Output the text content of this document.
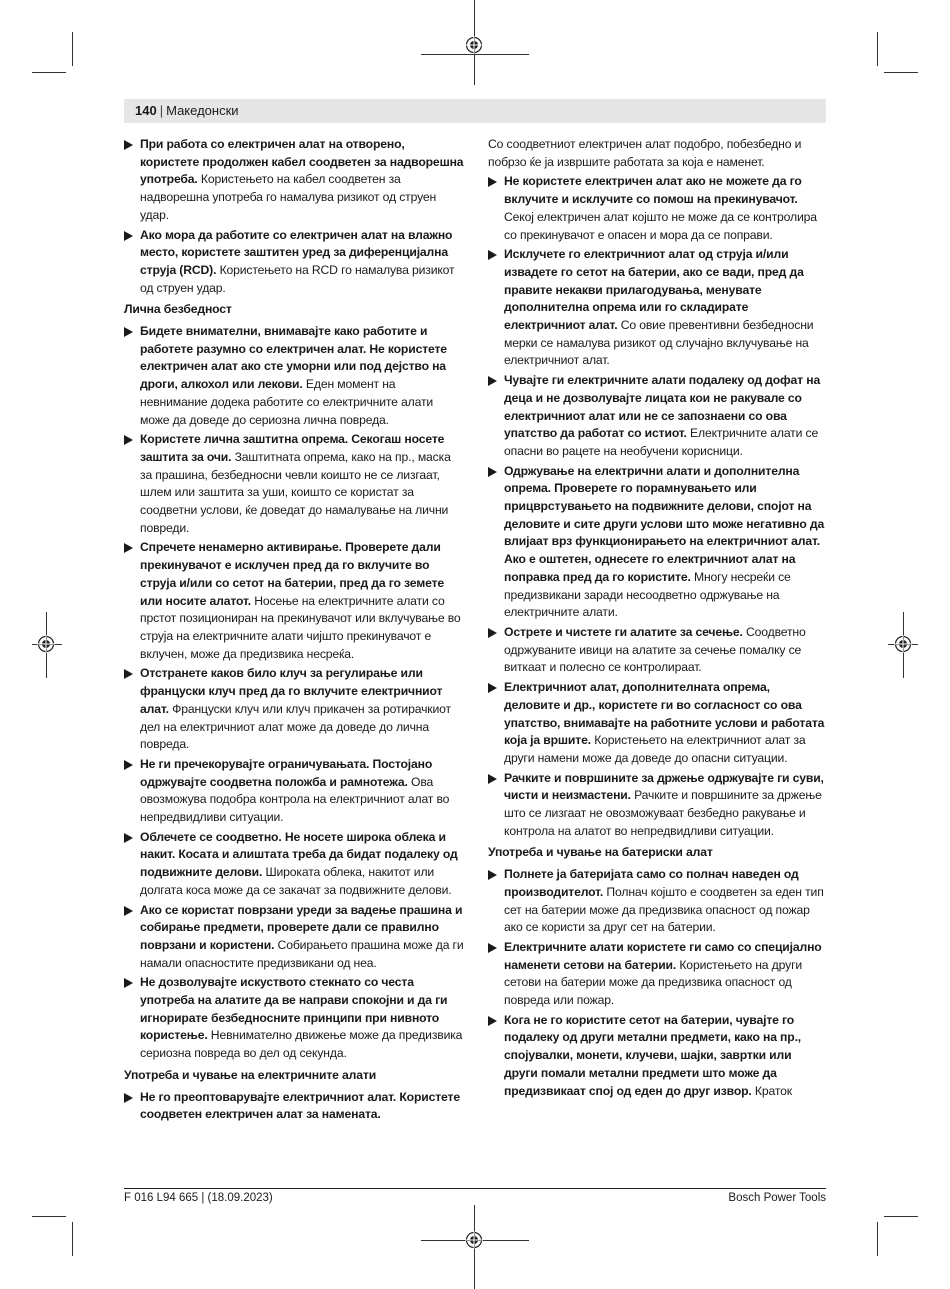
140 | Македонски
При работа со електричен алат на отворено, користете продолжен кабел соодветен за надворешна употреба. Користењето на кабел соодветен за надворешна употреба го намалува ризикот од струен удар.
Ако мора да работите со електричен алат на влажно место, користете заштитен уред за диференцијална струја (RCD). Користењето на RCD го намалува ризикот од струен удар.
Лична безбедност
Бидете внимателни, внимавајте како работите и работете разумно со електричен алат. Не користете електричен алат ако сте уморни или под дејство на дроги, алкохол или лекови. Еден момент на невнимание додека работите со електричните алати може да доведе до сериозна лична повреда.
Користете лична заштитна опрема. Секогаш носете заштита за очи. Заштитната опрема, како на пр., маска за прашина, безбедносни чевли коишто не се лизгаат, шлем или заштита за уши, коишто се користат за соодветни услови, ќе доведат до намалување на лични повреди.
Спречете ненамерно активирање. Проверете дали прекинувачот е исклучен пред да го вклучите во струја и/или со сетот на батерии, пред да го земете или носите алатот. Носење на електричните алати со прстот позициониран на прекинувачот или вклучување во струја на електричните алати чијшто прекинувачот е вклучен, може да предизвика несреќа.
Отстранете каков било клуч за регулирање или француски клуч пред да го вклучите електричниот алат. Француски клуч или клуч прикачен за ротирачкиот дел на електричниот алат може да доведе до лична повреда.
Не ги пречекорувајте ограничувањата. Постојано одржувајте соодветна положба и рамнотежа. Ова овозможува подобра контрола на електричниот алат во непредвидливи ситуации.
Облечете се соодветно. Не носете широка облека и накит. Косата и алиштата треба да бидат подалеку од подвижните делови. Широката облека, накитот или долгата коса може да се закачат за подвижните делови.
Ако се користат поврзани уреди за вадење прашина и собирање предмети, проверете дали се правилно поврзани и користени. Собирањето прашина може да ги намали опасностите предизвикани од неа.
Не дозволувајте искуството стекнато со честа употреба на алатите да ве направи спокојни и да ги игнорирате безбедносните принципи при нивното користење. Невнимателно движење може да предизвика сериозна повреда во дел од секунда.
Употреба и чување на електричните алати
Не го преоптоварувајте електричниот алат. Користете соодветен електричен алат за намената.
Со соодветниот електричен алат подобро, побезбедно и побрзо ќе ја извршите работата за која е наменет.
Не користете електричен алат ако не можете да го вклучите и исклучите со помош на прекинувачот. Секој електричен алат којшто не може да се контролира со прекинувачот е опасен и мора да се поправи.
Исклучете го електричниот алат од струја и/или извадете го сетот на батерии, ако се вади, пред да правите некакви прилагодувања, менувате дополнителна опрема или го складирате електричниот алат. Со овие превентивни безбедносни мерки се намалува ризикот од случајно вклучување на електричниот алат.
Чувајте ги електричните алати подалеку од дофат на деца и не дозволувајте лицата кои не ракувале со електричниот алат или не се запознаени со ова упатство да работат со истиот. Електричните алати се опасни во рацете на необучени корисници.
Одржување на електрични алати и дополнителна опрема. Проверете го порамнувањето или прицврстувањето на подвижните делови, спојот на деловите и сите други услови што може негативно да влијаат врз функционирањето на електричниот алат. Ако е оштетен, однесете го електричниот алат на поправка пред да го користите. Многу несреќи се предизвикани заради несоодветно одржување на електричните алати.
Острете и чистете ги алатите за сечење. Соодветно одржуваните ивици на алатите за сечење помалку се виткаат и полесно се контролираат.
Електричниот алат, дополнителната опрема, деловите и др., користете ги во согласност со ова упатство, внимавајте на работните услови и работата која ја вршите. Користењето на електричниот алат за други намени може да доведе до опасни ситуации.
Рачките и површините за држење одржувајте ги суви, чисти и неизмастени. Рачките и површините за држење што се лизгаат не овозможуваат безбедно ракување и контрола на алатот во непредвидливи ситуации.
Употреба и чување на батериски алат
Полнете ја батеријата само со полнач наведен од производителот. Полнач којшто е соодветен за еден тип сет на батерии може да предизвика опасност од пожар ако се користи за друг сет на батерии.
Електричните алати користете ги само со специјално наменети сетови на батерии. Користењето на други сетови на батерии може да предизвика опасност од повреда или пожар.
Кога не го користите сетот на батерии, чувајте го подалеку од други метални предмети, како на пр., спојувалки, монети, клучеви, шајки, завртки или други помали метални предмети што може да предизвикаат спој од еден до друг извор. Краток
F 016 L94 665 | (18.09.2023)	Bosch Power Tools
